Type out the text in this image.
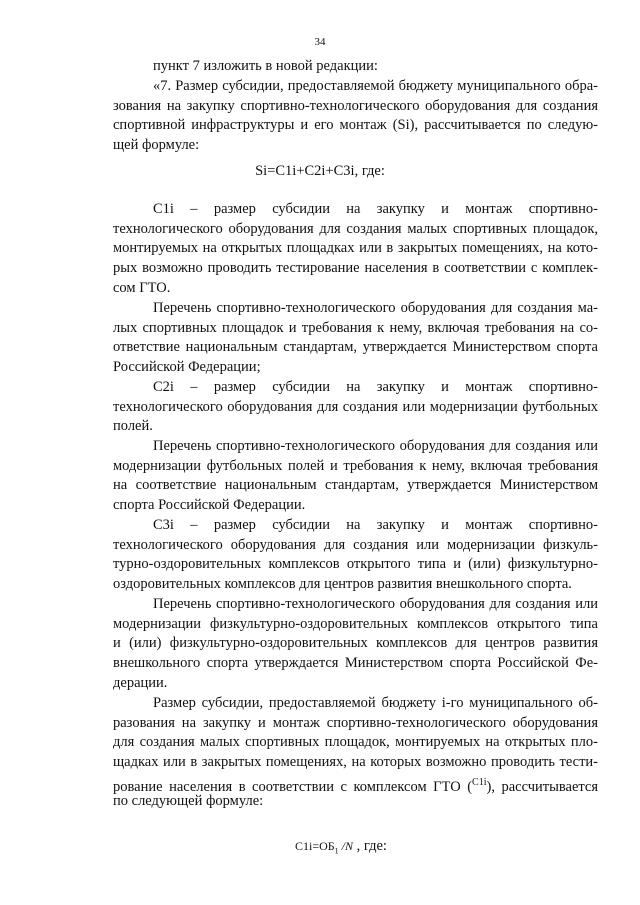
34

пункт 7 изложить в новой редакции:

«7. Размер субсидии, предоставляемой бюджету муниципального обра-
зования на закупку спортивно-технологического оборудования для создания
спортивной инфраструктуры и его монтаж (Si), рассчитывается по следую-
щей формуле:

Si=C1i+C2i+C3i, где:

C1i   –   размер   субсидии   на   закупку   и   монтаж   спортивно-
технологического оборудования для создания малых спортивных площадок,
монтируемых на открытых площадках или в закрытых помещениях, на кото-
рых возможно проводить тестирование населения в соответствии с комплек-
сом ГТО.

Перечень спортивно-технологического оборудования для создания ма-
лых спортивных площадок и требования к нему, включая требования на со-
ответствие национальным стандартам, утверждается Министерством спорта
Российской Федерации;

C2i   –   размер   субсидии   на   закупку   и   монтаж   спортивно-
технологического оборудования для создания или модернизации футбольных
полей.

Перечень спортивно-технологического оборудования для создания или
модернизации футбольных полей и требования к нему, включая требования
на соответствие национальным стандартам, утверждается Министерством
спорта Российской Федерации.

C3i   –   размер   субсидии   на   закупку   и   монтаж   спортивно-
технологического оборудования для создания или модернизации физкуль-
турно-оздоровительных комплексов открытого типа и (или) физкультурно-
оздоровительных комплексов для центров развития внешкольного спорта.

Перечень спортивно-технологического оборудования для создания или
модернизации физкультурно-оздоровительных комплексов открытого типа
и (или) физкультурно-оздоровительных комплексов для центров развития
внешкольного спорта утверждается Министерством спорта Российской Фе-
дерации.

Размер субсидии, предоставляемой бюджету i-го муниципального об-
разования на закупку и монтаж спортивно-технологического оборудования
для создания малых спортивных площадок, монтируемых на открытых пло-
щадках или в закрытых помещениях, на которых возможно проводить тести-
рование населения в соответствии с комплексом ГТО ($^{C1i}$), рассчитывается
по следующей формуле:

$C1i=ОБ_1$ /N , где:
